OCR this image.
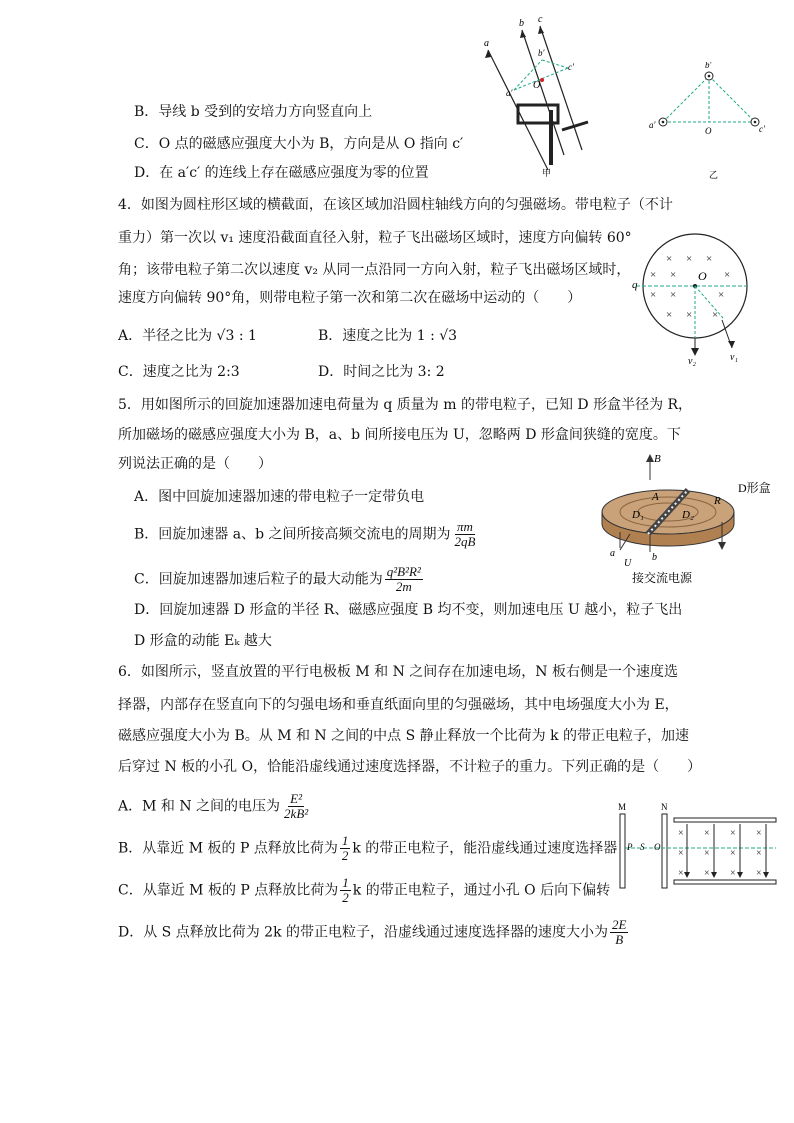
B．导线 b 受到的安培力方向竖直向上
C．O 点的磁感应强度大小为 B，方向是从 O 指向 c′
D．在 a′c′ 的连线上存在磁感应强度为零的位置
a
b c
a′
b′
c′
O
甲
a′
b′
c′
O
乙
4．如图为圆柱形区域的横截面，在该区域加沿圆柱轴线方向的匀强磁场。带电粒子（不计
重力）第一次以 v₁ 速度沿截面直径入射，粒子飞出磁场区域时，速度方向偏转 60°
角；该带电粒子第二次以速度 v₂ 从同一点沿同一方向入射，粒子飞出磁场区域时，
速度方向偏转 90°角，则带电粒子第一次和第二次在磁场中运动的（　　）
A．半径之比为 √3 : 1	B．速度之比为 1 : √3
C．速度之比为 2:3	D．时间之比为 3: 2
× × ×
× ×	×
× ×	×
× × ×
q
O
v₁
v₂
5．用如图所示的回旋加速器加速电荷量为 q 质量为 m 的带电粒子，已知 D 形盒半径为 R，
所加磁场的磁感应强度大小为 B，a、b 间所接电压为 U，忽略两 D 形盒间狭缝的宽度。下
列说法正确的是（　　）
A．图中回旋加速器加速的带电粒子一定带负电
B．回旋加速器 a、b 之间所接高频交流电的周期为 $\frac{\pi m}{2qB}$
C．回旋加速器加速后粒子的最大动能为 $\frac{\text{q²B²R²}}{2m}$
D．回旋加速器 D 形盒的半径 R、磁感应强度 B 均不变，则加速电压 U 越小，粒子飞出
D 形盒的动能 Eₖ 越大
B
A	R
D₁	D₂
a	b
U
D形盒
接交流电源
6．如图所示，竖直放置的平行电极板 M 和 N 之间存在加速电场，N 板右侧是一个速度选
择器，内部存在竖直向下的匀强电场和垂直纸面向里的匀强磁场，其中电场强度大小为 E，
磁感应强度大小为 B。从 M 和 N 之间的中点 S 静止释放一个比荷为 k 的带正电粒子，加速
后穿过 N 板的小孔 O，恰能沿虚线通过速度选择器，不计粒子的重力。下列正确的是（　　）
A．M 和 N 之间的电压为 $\frac{\text{E²}}{\text{2kB²}}$
B．从靠近 M 板的 P 点释放比荷为 $\frac{1}{2}$ k 的带正电粒子，能沿虚线通过速度选择器
C．从靠近 M 板的 P 点释放比荷为 $\frac{1}{2}$ k 的带正电粒子，通过小孔 O 后向下偏转
D．从 S 点释放比荷为 2k 的带正电粒子，沿虚线通过速度选择器的速度大小为 $\frac{2E}{B}$
× × × ×
× × × ×
× × × ×
M	N
P S O
